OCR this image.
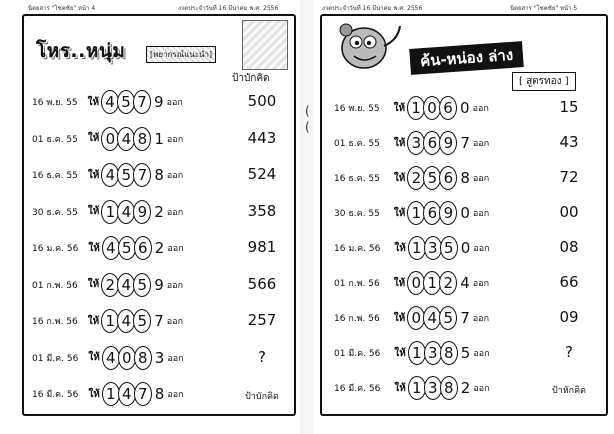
นิตยสาร "โชคชัย" หน้า 4	งวดประจำวันที่ 16 มีนาคม พ.ศ. 2556
โหร..หนุ่ม	[พยากรณ์แนะนำ]
ป้าบักคิด
16 พ.ย. 55 ให้ 4 5 7 9 ออก	500
01 ธ.ค. 55 ให้ 0 4 8 1 ออก	443
16 ธ.ค. 55 ให้ 4 5 7 8 ออก	524
30 ธ.ค. 55 ให้ 1 4 9 2 ออก	358
16 ม.ค. 56 ให้ 4 5 6 2 ออก	981
01 ก.พ. 56 ให้ 2 4 5 9 ออก	566
16 ก.พ. 56 ให้ 1 4 5 7 ออก	257
01 มี.ค. 56 ให้ 4 0 8 3 ออก	?
16 มี.ค. 56 ให้ 1 4 7 8 ออก	ป้าบักคิด
(
(
งวดประจำวันที่ 16 มีนาคม พ.ศ. 2556	นิตยสาร "โชคชัย" หน้า 5
ค้น-หน่อง ล่าง
[ สูตรทอง ]
16 พ.ย. 55 ให้ 1 0 6 0 ออก	15
01 ธ.ค. 55 ให้ 3 6 9 7 ออก	43
16 ธ.ค. 55 ให้ 2 5 6 8 ออก	72
30 ธ.ค. 55 ให้ 1 6 9 0 ออก	00
16 ม.ค. 56 ให้ 1 3 5 0 ออก	08
01 ก.พ. 56 ให้ 0 1 2 4 ออก	66
16 ก.พ. 56 ให้ 0 4 5 7 ออก	09
01 มี.ค. 56 ให้ 1 3 8 5 ออก	?
16 มี.ค. 56 ให้ 1 3 8 2 ออก	ป้าหักคิด
